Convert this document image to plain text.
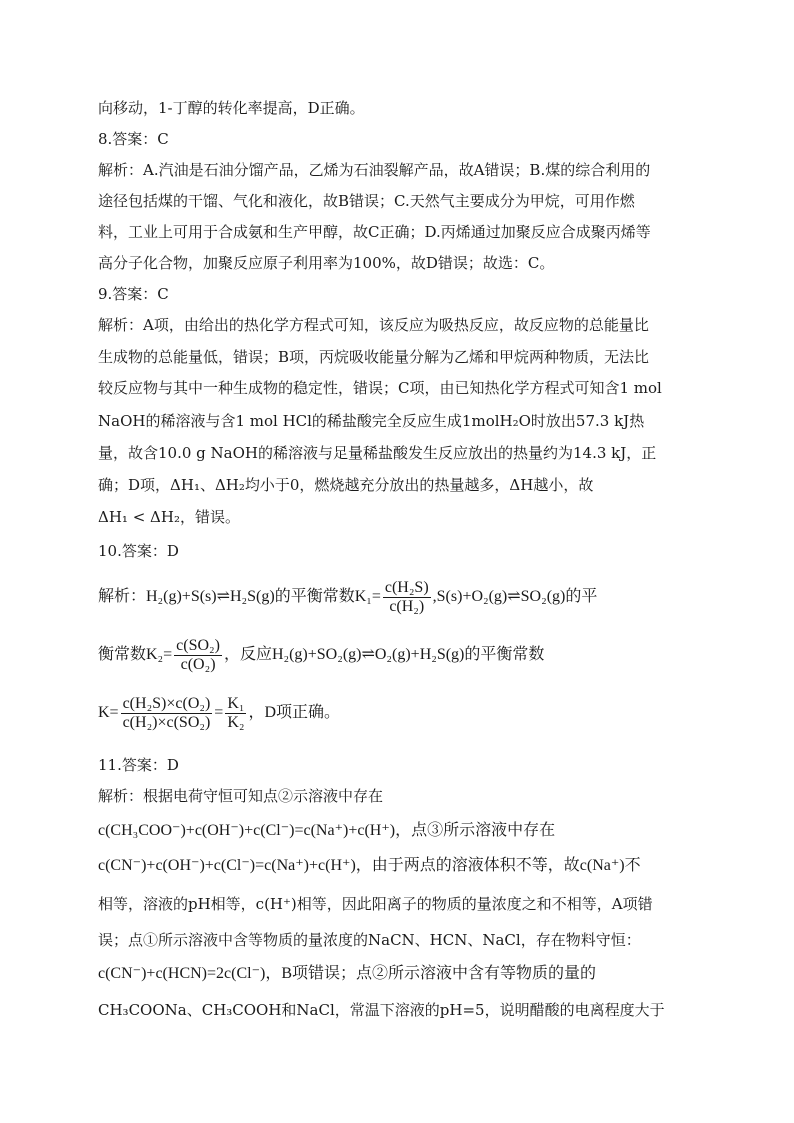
向移动，1-丁醇的转化率提高，D正确。
8.答案：C
解析：A.汽油是石油分馏产品，乙烯为石油裂解产品，故A错误；B.煤的综合利用的
途径包括煤的干馏、气化和液化，故B错误；C.天然气主要成分为甲烷，可用作燃
料，工业上可用于合成氨和生产甲醇，故C正确；D.丙烯通过加聚反应合成聚丙烯等
高分子化合物，加聚反应原子利用率为100%，故D错误；故选：C。
9.答案：C
解析：A项，由给出的热化学方程式可知，该反应为吸热反应，故反应物的总能量比
生成物的总能量低，错误；B项，丙烷吸收能量分解为乙烯和甲烷两种物质，无法比
较反应物与其中一种生成物的稳定性，错误；C项，由已知热化学方程式可知含1 mol
NaOH的稀溶液与含1 mol HCl的稀盐酸完全反应生成1molH₂O时放出57.3 kJ热
量，故含10.0 g NaOH的稀溶液与足量稀盐酸发生反应放出的热量约为14.3 kJ，正
确；D项，ΔH₁、ΔH₂均小于0，燃烧越充分放出的热量越多，ΔH越小，故
ΔH₁ < ΔH₂，错误。
10.答案：D
解析：H₂(g)+S(s)⇌H₂S(g)的平衡常数$K_1= \frac{\text{c(H₂S)}}{\text{c(H₂)}}$ ,S(s)+O₂(g)⇌SO₂(g)的平
衡常数$K_2= \frac{\text{c(SO₂)}}{\text{c(O₂)}}$ ，反应H₂(g)+SO₂(g)⇌O₂(g)+H₂S(g)的平衡常数
$K= \frac{\text{c(H₂S)×c(O₂)}}{\text{c(H₂)×c(SO₂)}} = \frac{\text{K₁}}{\text{K₂}}$ ，D项正确。
11.答案：D
解析：根据电荷守恒可知点②示溶液中存在
c(CH₃COO⁻)+c(OH⁻)+c(Cl⁻)=c(Na⁺)+c(H⁺)，点③所示溶液中存在
c(CN⁻)+c(OH⁻)+c(Cl⁻)=c(Na⁺)+c(H⁺)，由于两点的溶液体积不等，故c(Na⁺)不
相等，溶液的pH相等，c(H⁺)相等，因此阳离子的物质的量浓度之和不相等，A项错
误；点①所示溶液中含等物质的量浓度的NaCN、HCN、NaCl，存在物料守恒：
c(CN⁻)+c(HCN)=2c(Cl⁻)，B项错误；点②所示溶液中含有等物质的量的
CH₃COONa、CH₃COOH和NaCl，常温下溶液的pH=5，说明醋酸的电离程度大于
